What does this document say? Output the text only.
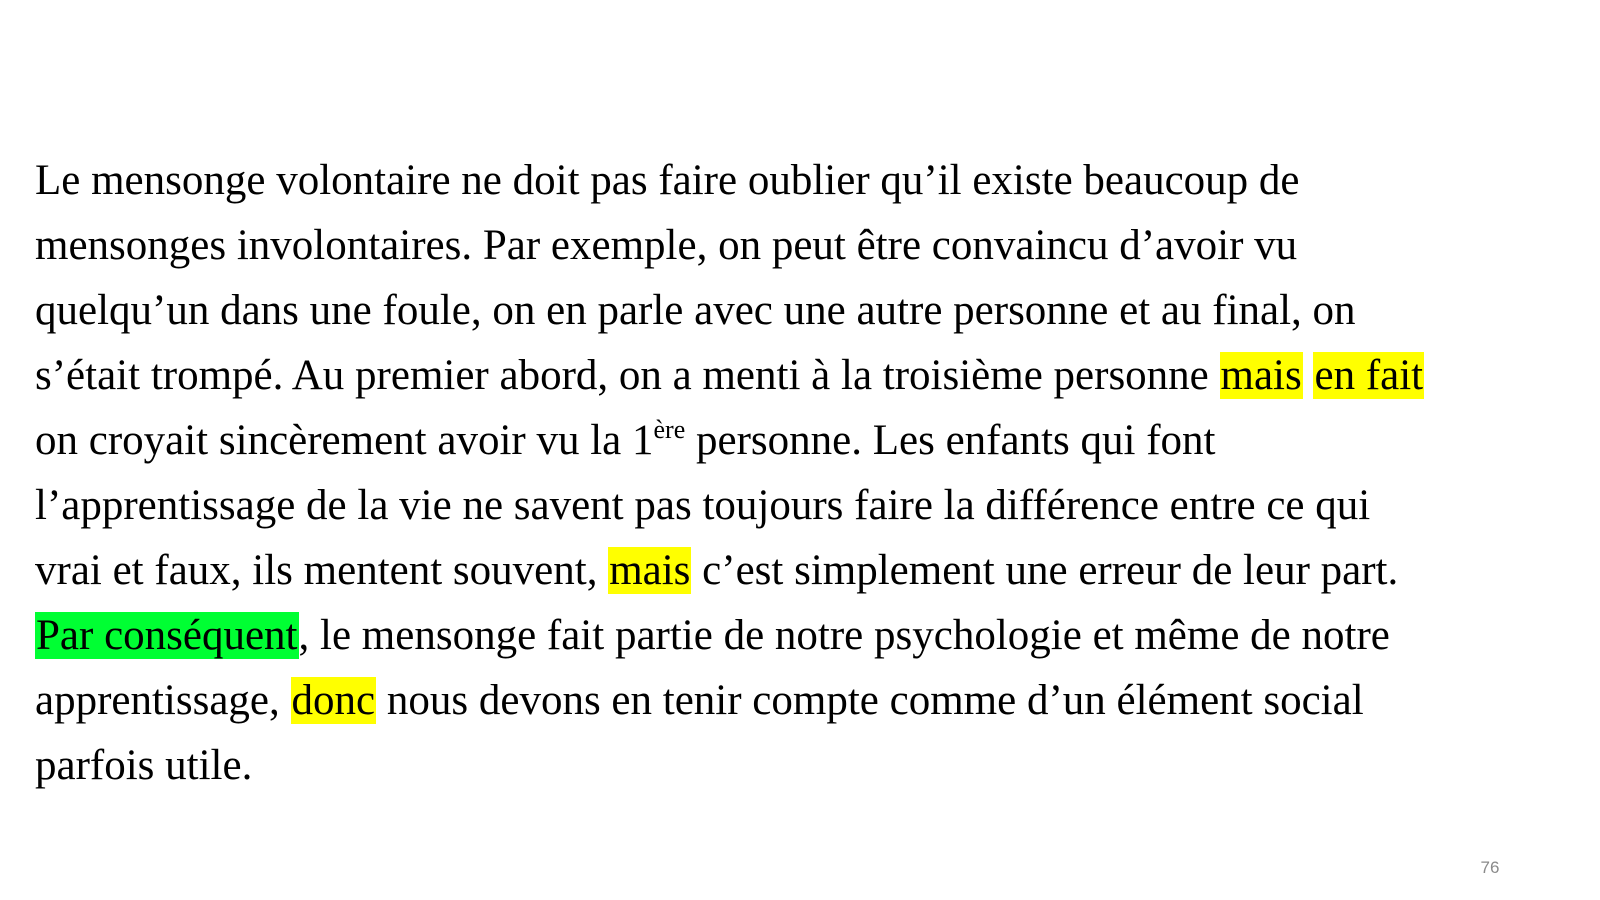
Le mensonge volontaire ne doit pas faire oublier qu’il existe beaucoup de
mensonges involontaires. Par exemple, on peut être convaincu d’avoir vu
quelqu’un dans une foule, on en parle avec une autre personne et au final, on
s’était trompé. Au premier abord, on a menti à la troisième personne mais en fait
on croyait sincèrement avoir vu la 1ère personne. Les enfants qui font
l’apprentissage de la vie ne savent pas toujours faire la différence entre ce qui
vrai et faux, ils mentent souvent, mais c’est simplement une erreur de leur part.
Par conséquent, le mensonge fait partie de notre psychologie et même de notre
apprentissage, donc nous devons en tenir compte comme d’un élément social
parfois utile.

76
